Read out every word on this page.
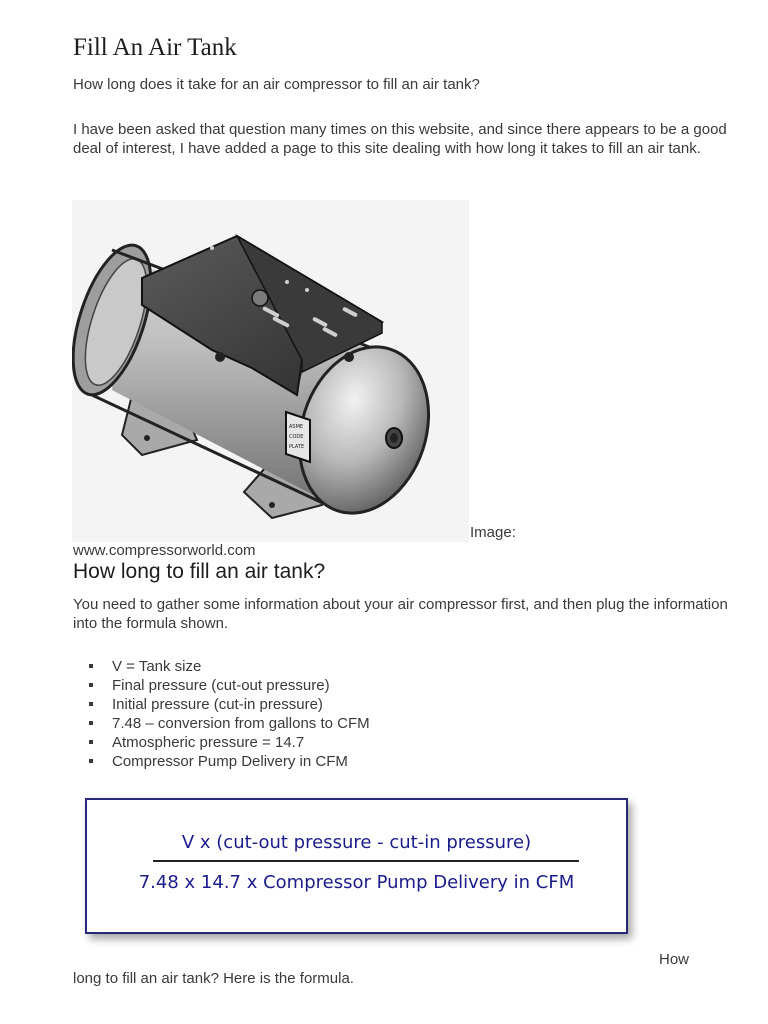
Fill An Air Tank

How long does it take for an air compressor to fill an air tank?

I have been asked that question many times on this website, and since there appears to be a good deal of interest, I have added a page to this site dealing with how long it takes to fill an air tank.

ASME
CODE
PLATE
Image:
www.compressorworld.com
How long to fill an air tank?

You need to gather some information about your air compressor first, and then plug the information into the formula shown.

V = Tank size
Final pressure (cut-out pressure)
Initial pressure (cut-in pressure)
7.48 – conversion from gallons to CFM
Atmospheric pressure = 14.7
Compressor Pump Delivery in CFM
V x (cut-out pressure - cut-in pressure)
7.48 x 14.7 x Compressor Pump Delivery in CFM
How
long to fill an air tank? Here is the formula.
